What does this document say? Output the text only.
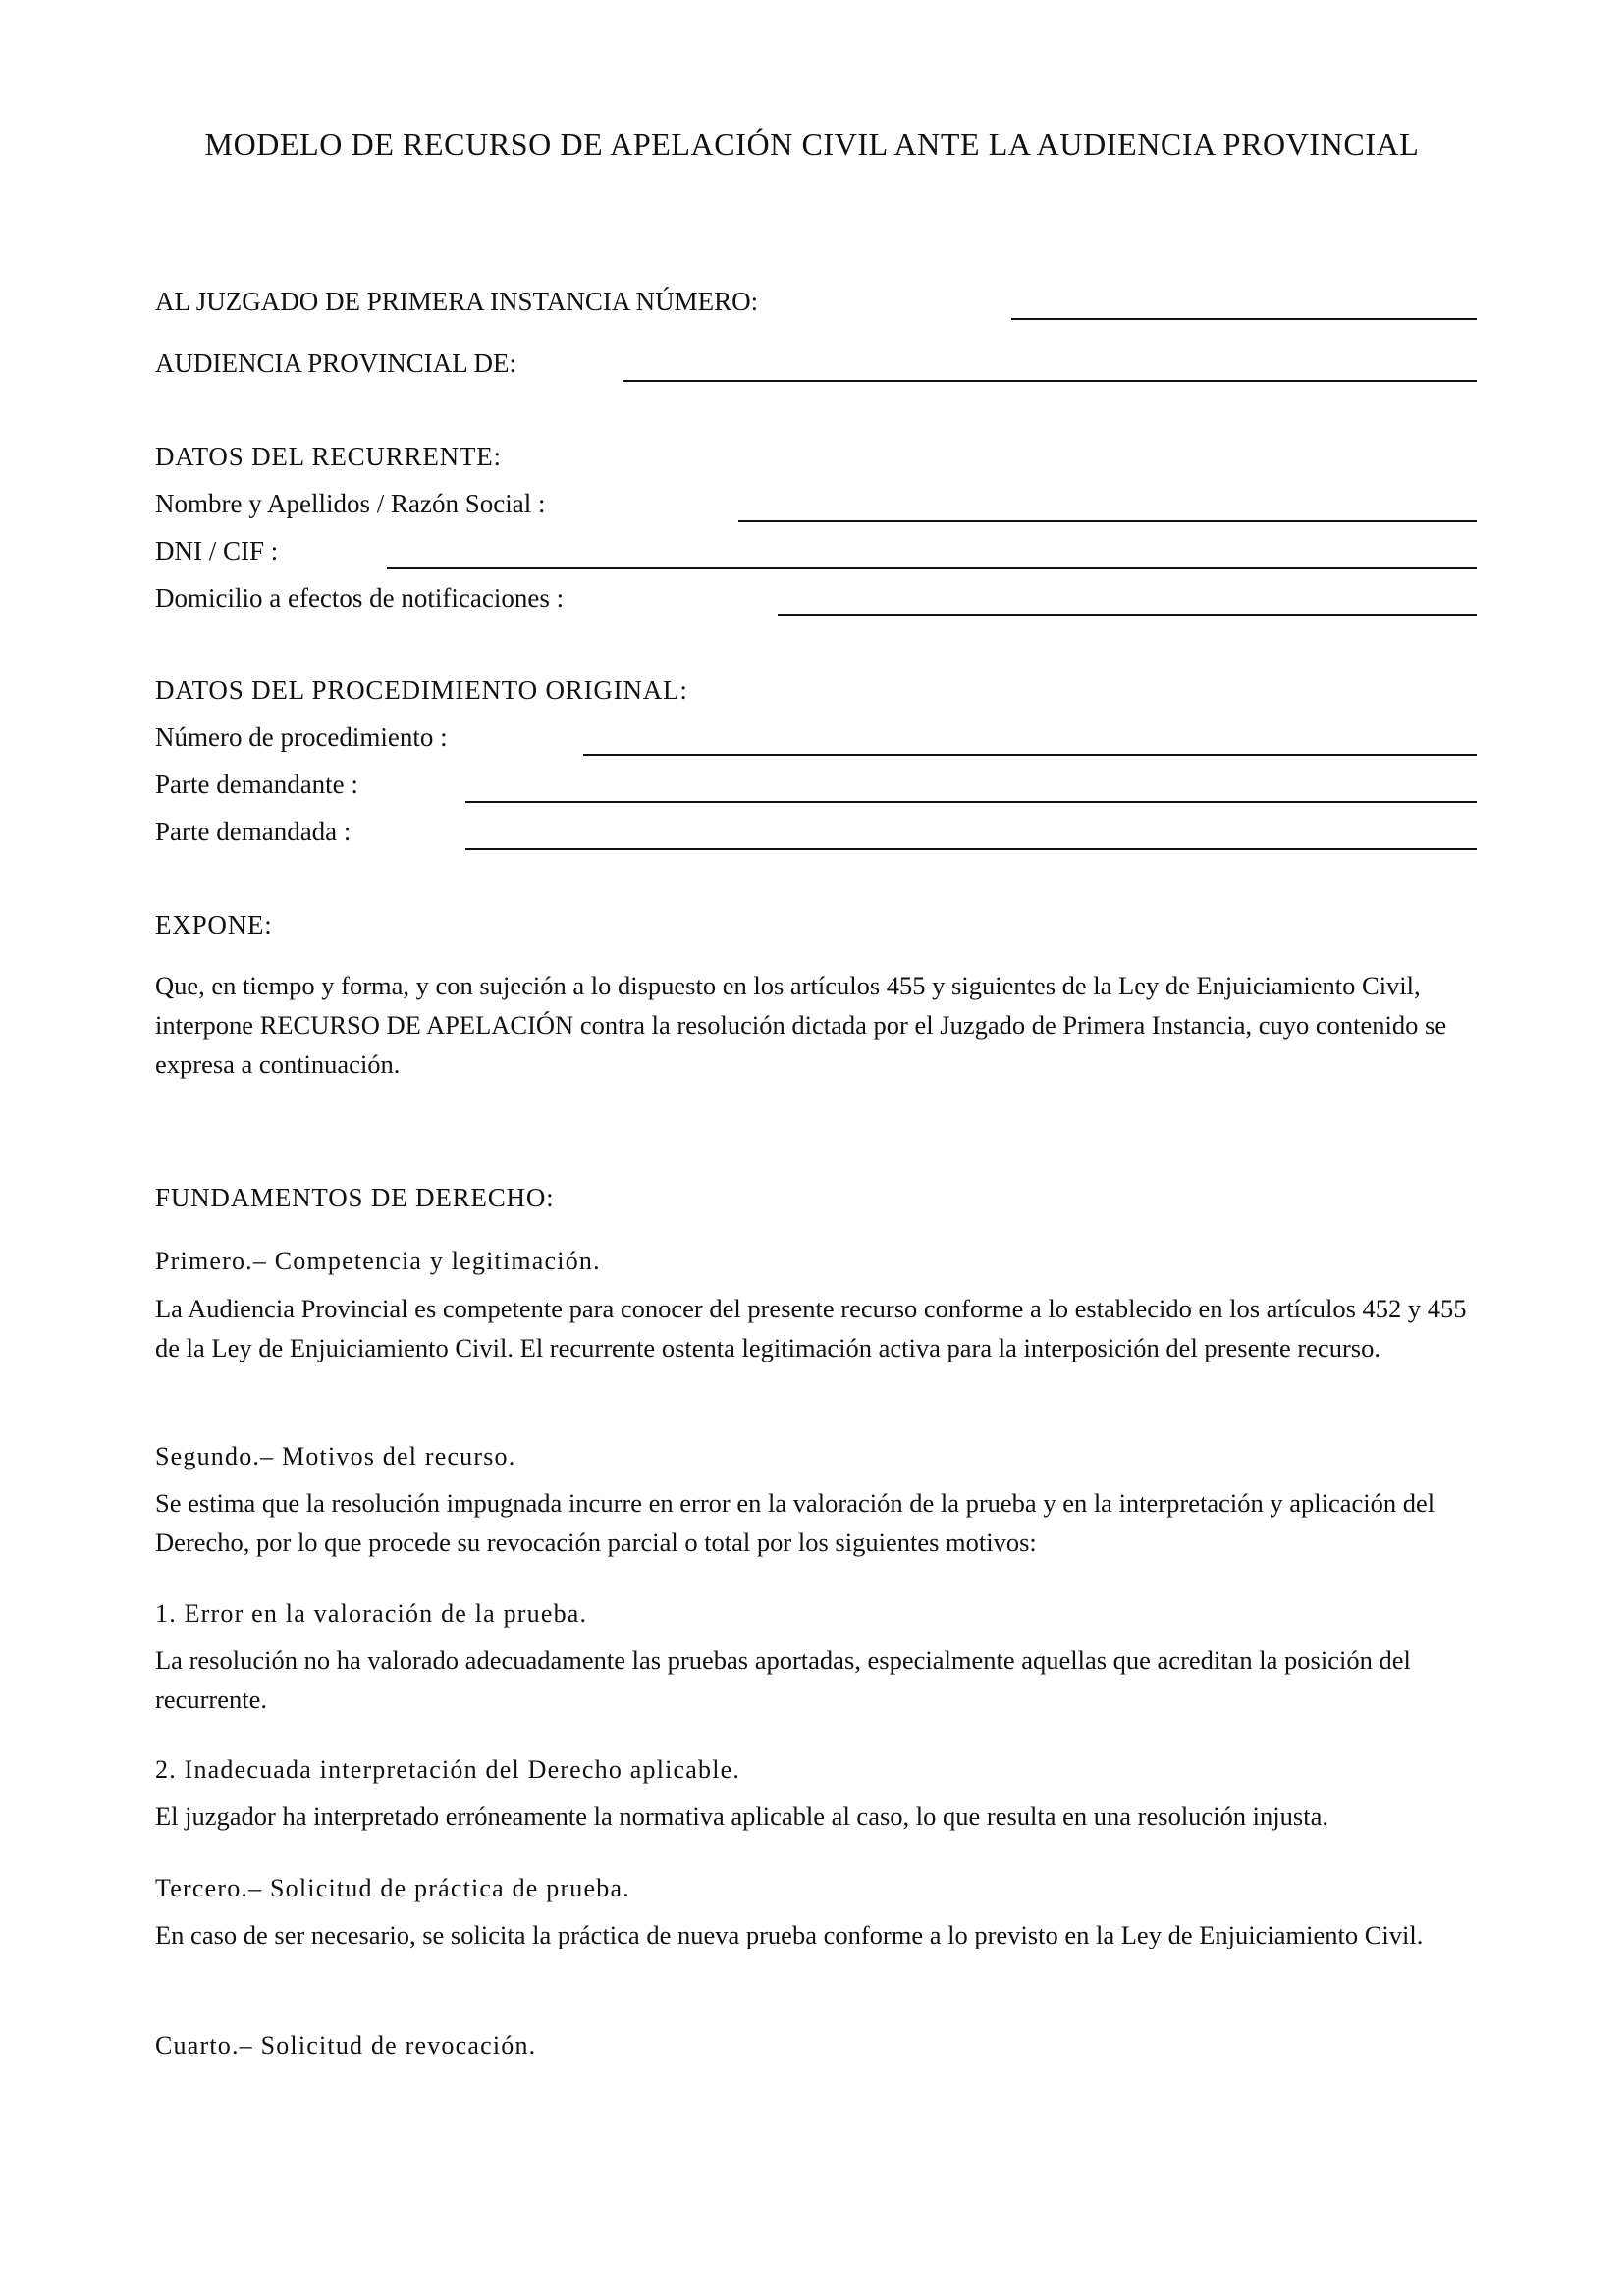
MODELO DE RECURSO DE APELACIÓN CIVIL ANTE LA AUDIENCIA PROVINCIAL
AL JUZGADO DE PRIMERA INSTANCIA NÚMERO:
AUDIENCIA PROVINCIAL DE:
DATOS DEL RECURRENTE:
Nombre y Apellidos / Razón Social :
DNI / CIF :
Domicilio a efectos de notificaciones :
DATOS DEL PROCEDIMIENTO ORIGINAL:
Número de procedimiento :
Parte demandante :
Parte demandada :
EXPONE:
Que, en tiempo y forma, y con sujeción a lo dispuesto en los artículos 455 y siguientes de la Ley de Enjuiciamiento Civil, interpone RECURSO DE APELACIÓN contra la resolución dictada por el Juzgado de Primera Instancia, cuyo contenido se expresa a continuación.
FUNDAMENTOS DE DERECHO:
Primero.– Competencia y legitimación.
La Audiencia Provincial es competente para conocer del presente recurso conforme a lo establecido en los artículos 452 y 455 de la Ley de Enjuiciamiento Civil. El recurrente ostenta legitimación activa para la interposición del presente recurso.
Segundo.– Motivos del recurso.
Se estima que la resolución impugnada incurre en error en la valoración de la prueba y en la interpretación y aplicación del Derecho, por lo que procede su revocación parcial o total por los siguientes motivos:
1. Error en la valoración de la prueba.
La resolución no ha valorado adecuadamente las pruebas aportadas, especialmente aquellas que acreditan la posición del recurrente.
2. Inadecuada interpretación del Derecho aplicable.
El juzgador ha interpretado erróneamente la normativa aplicable al caso, lo que resulta en una resolución injusta.
Tercero.– Solicitud de práctica de prueba.
En caso de ser necesario, se solicita la práctica de nueva prueba conforme a lo previsto en la Ley de Enjuiciamiento Civil.
Cuarto.– Solicitud de revocación.
